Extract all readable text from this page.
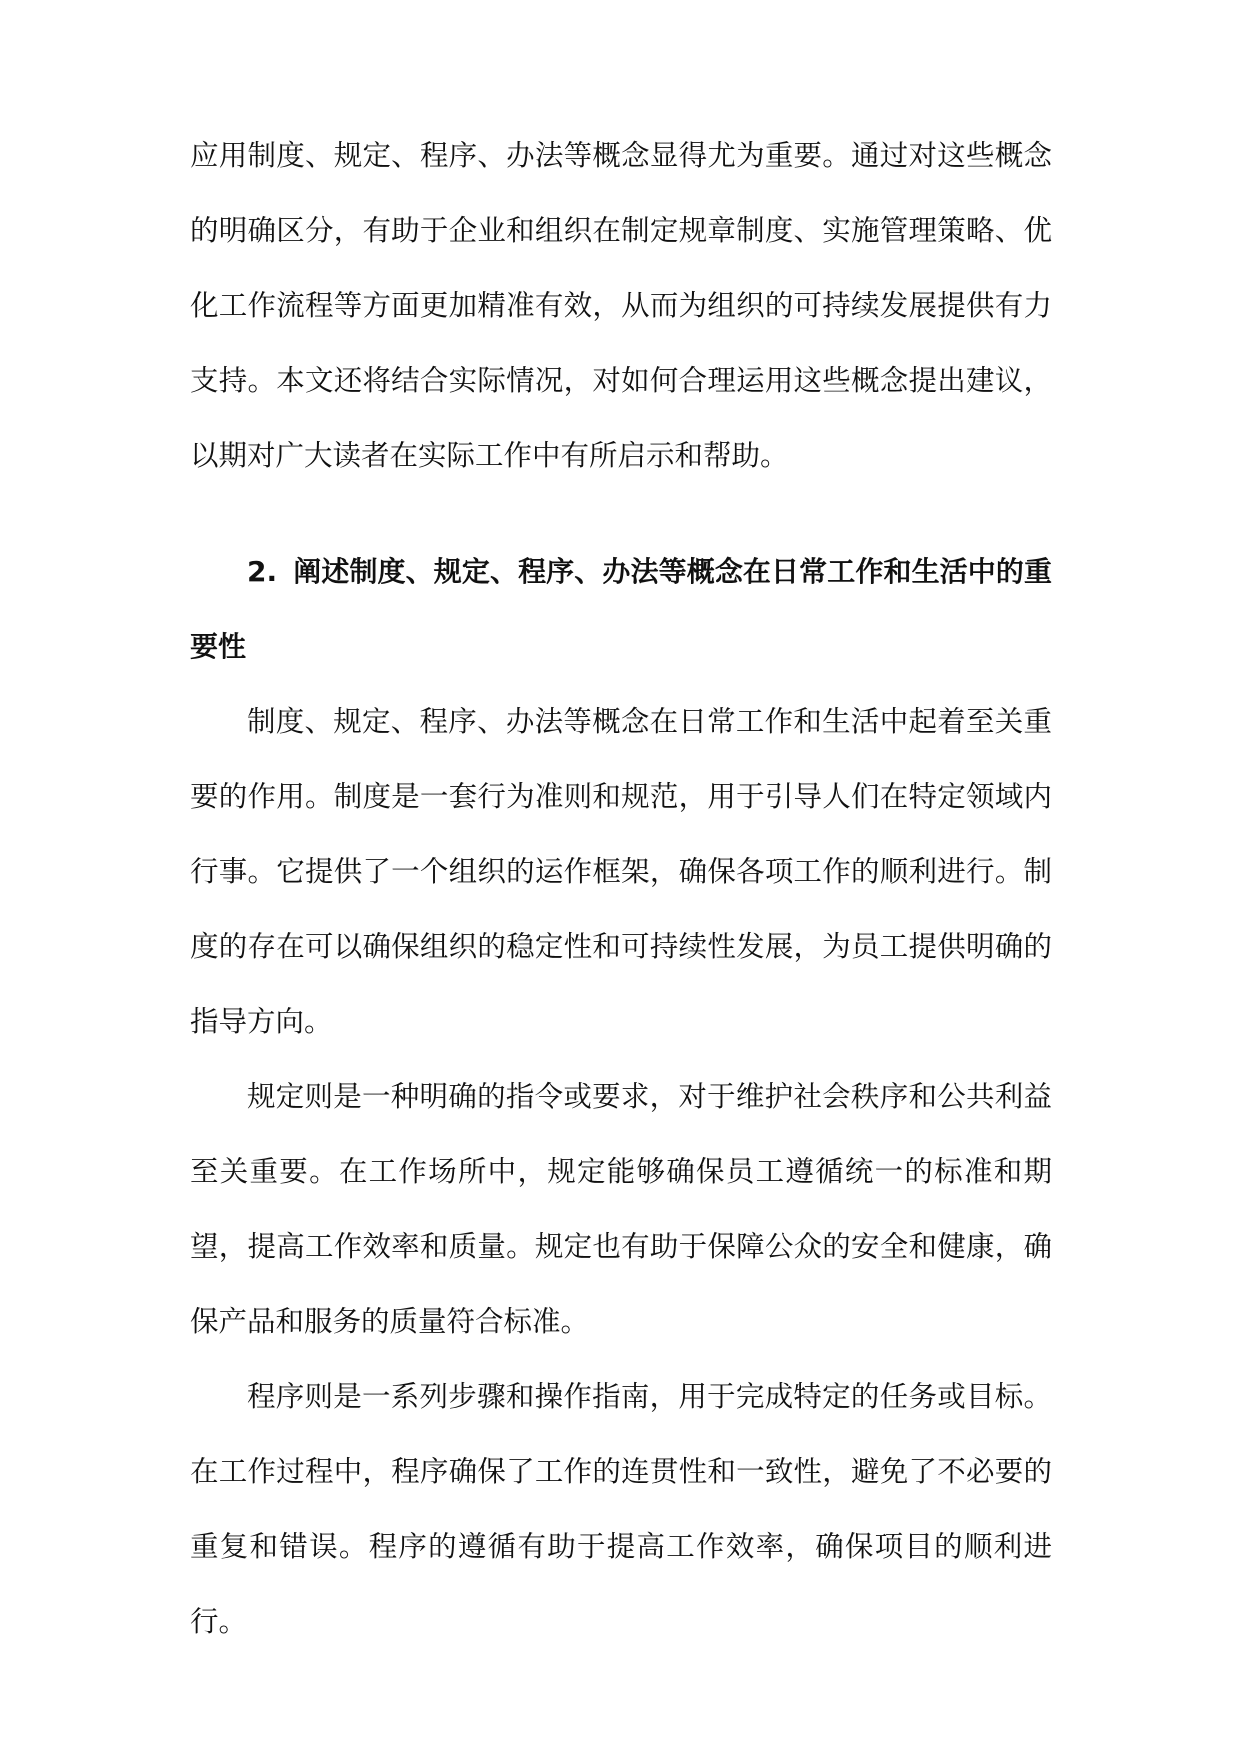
应用制度、规定、程序、办法等概念显得尤为重要。通过对这些概念的明确区分，有助于企业和组织在制定规章制度、实施管理策略、优化工作流程等方面更加精准有效，从而为组织的可持续发展提供有力支持。本文还将结合实际情况，对如何合理运用这些概念提出建议，以期对广大读者在实际工作中有所启示和帮助。

2. 阐述制度、规定、程序、办法等概念在日常工作和生活中的重要性

制度、规定、程序、办法等概念在日常工作和生活中起着至关重要的作用。制度是一套行为准则和规范，用于引导人们在特定领域内行事。它提供了一个组织的运作框架，确保各项工作的顺利进行。制度的存在可以确保组织的稳定性和可持续性发展，为员工提供明确的指导方向。

规定则是一种明确的指令或要求，对于维护社会秩序和公共利益至关重要。在工作场所中，规定能够确保员工遵循统一的标准和期望，提高工作效率和质量。规定也有助于保障公众的安全和健康，确保产品和服务的质量符合标准。

程序则是一系列步骤和操作指南，用于完成特定的任务或目标。在工作过程中，程序确保了工作的连贯性和一致性，避免了不必要的重复和错误。程序的遵循有助于提高工作效率，确保项目的顺利进行。
